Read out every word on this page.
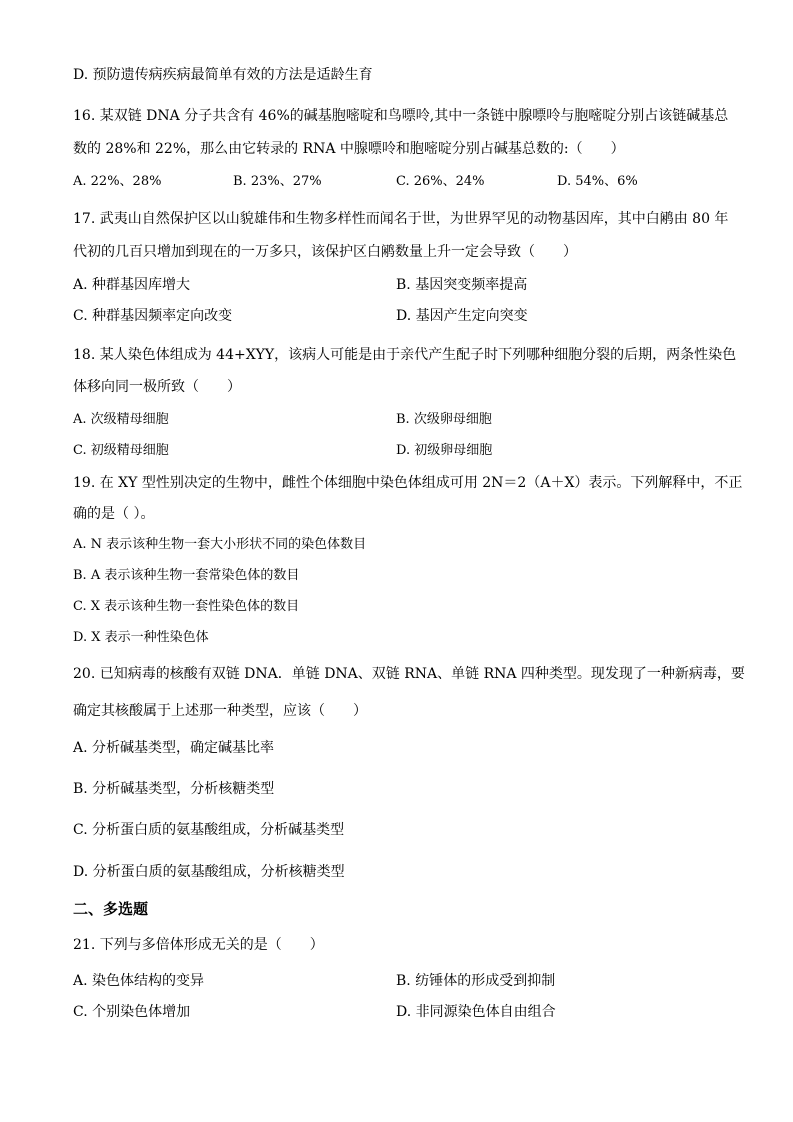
D. 预防遗传病疾病最简单有效的方法是适龄生育
16. 某双链 DNA 分子共含有 46%的碱基胞嘧啶和鸟嘌呤,其中一条链中腺嘌呤与胞嘧啶分别占该链碱基总
数的 28%和 22%，那么由它转录的 RNA 中腺嘌呤和胞嘧啶分别占碱基总数的:（　　）
A. 22%、28%	B. 23%、27%	C. 26%、24%	D. 54%、6%
17. 武夷山自然保护区以山貌雄伟和生物多样性而闻名于世，为世界罕见的动物基因库，其中白鹇由 80 年
代初的几百只增加到现在的一万多只，该保护区白鹇数量上升一定会导致（　　）
A. 种群基因库增大	B. 基因突变频率提高
C. 种群基因频率定向改变	D. 基因产生定向突变
18. 某人染色体组成为 44+XYY，该病人可能是由于亲代产生配子时下列哪种细胞分裂的后期，两条性染色
体移向同一极所致（　　）
A. 次级精母细胞	B. 次级卵母细胞
C. 初级精母细胞	D. 初级卵母细胞
19. 在 XY 型性别决定的生物中，雌性个体细胞中染色体组成可用 2N＝2（A＋X）表示。下列解释中，不正
确的是（ ）。
A. N 表示该种生物一套大小形状不同的染色体数目
B. A 表示该种生物一套常染色体的数目
C. X 表示该种生物一套性染色体的数目
D. X 表示一种性染色体
20. 已知病毒的核酸有双链 DNA．单链 DNA、双链 RNA、单链 RNA 四种类型。现发现了一种新病毒，要
确定其核酸属于上述那一种类型，应该（　　）
A. 分析碱基类型，确定碱基比率
B. 分析碱基类型，分析核糖类型
C. 分析蛋白质的氨基酸组成，分析碱基类型
D. 分析蛋白质的氨基酸组成，分析核糖类型
二、多选题
21. 下列与多倍体形成无关的是（　　）
A. 染色体结构的变异	B. 纺锤体的形成受到抑制
C. 个别染色体增加	D. 非同源染色体自由组合
